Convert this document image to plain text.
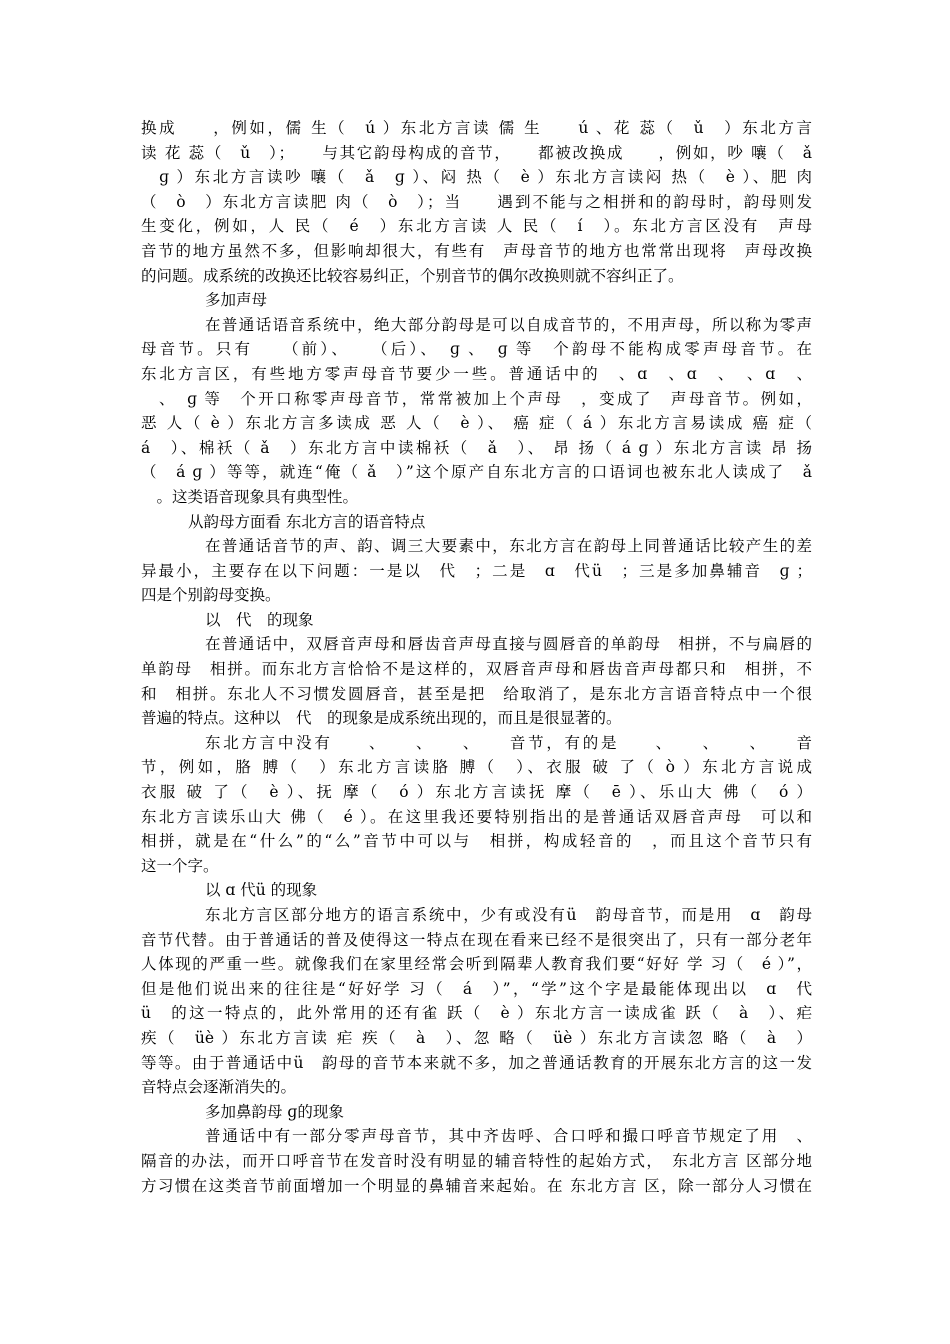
换成　　，例如，儒 生（　ú ）东北方言读 儒 生　　ú 、花 蕊（　ǔ　）东北方言
读 花 蕊（　ǔ　）；　　与其它韵母构成的音节，　　都被改换成　　，例如，吵 嚷（　ǎ
　ɡ ）东北方言读吵 嚷（　ǎ　ɡ ）、闷 热（　è ）东北方言读闷 热（　è ）、肥 肉
（　ò　）东北方言读肥 肉（　ò　）；当　　遇到不能与之相拼和的韵母时，韵母则发
生变化，例如，人 民（　é　）东北方言读 人 民（　í　）。东北方言区没有　声母
音节的地方虽然不多，但影响却很大，有些有　声母音节的地方也常常出现将　声母改换
的问题。成系统的改换还比较容易纠正，个别音节的偶尔改换则就不容纠正了。
多加声母
在普通话语音系统中，绝大部分韵母是可以自成音节的，不用声母，所以称为零声
母音节。只有　　（前）、　　（后）、　ɡ 、　ɡ 等　个韵母不能构成零声母音节。在
东北方言区，有些地方零声母音节要少一些。普通话中的　、ɑ　、ɑ　、　、ɑ　、
　、　ɡ 等　个开口称零声母音节，常常被加上个声母　，变成了　声母音节。例如，
恶 人（ è ）东北方言多读成 恶 人（　è ）、 癌 症（ á ）东北方言易读成 癌 症（
á　）、棉袄（ ǎ　）东北方言中读棉袄（　ǎ　）、 昂 扬（ á ɡ ）东北方言读 昂 扬
（　á ɡ ）等等，就连“俺（ ǎ　）”这个原产自东北方言的口语词也被东北人读成了　ǎ
　。这类语音现象具有典型性。
从韵母方面看 东北方言的语音特点
在普通话音节的声、韵、调三大要素中，东北方言在韵母上同普通话比较产生的差
异最小，主要存在以下问题：一是以　代　；二是　ɑ　代ü　；三是多加鼻辅音　ɡ ；
四是个别韵母变换。
以　代　的现象
在普通话中，双唇音声母和唇齿音声母直接与圆唇音的单韵母　相拼，不与扁唇的
单韵母　相拼。而东北方言恰恰不是这样的，双唇音声母和唇齿音声母都只和　相拼，不
和　相拼。东北人不习惯发圆唇音，甚至是把　给取消了，是东北方言语音特点中一个很
普遍的特点。这种以　代　的现象是成系统出现的，而且是很显著的。
东北方言中没有　　、　　、　　、　　音节，有的是　　、　　、　　、　　音
节，例如，胳 膊（　）东北方言读胳 膊（　）、衣服 破 了（ ò ）东北方言说成
衣服 破 了（　è ）、抚 摩（　ó ）东北方言读抚 摩（　ē ）、乐山大 佛（　ó ）
东北方言读乐山大 佛（　é ）。在这里我还要特别指出的是普通话双唇音声母　可以和
相拼，就是在“什么”的“么”音节中可以与　相拼，构成轻音的　，而且这个音节只有
这一个字。
以 ɑ 代ü 的现象
东北方言区部分地方的语言系统中，少有或没有ü　韵母音节，而是用　ɑ　韵母
音节代替。由于普通话的普及使得这一特点在现在看来已经不是很突出了，只有一部分老年
人体现的严重一些。就像我们在家里经常会听到隔辈人教育我们要“好好 学 习（　é ）”，
但是他们说出来的往往是“好好学 习（　á　）”，“学”这个字是最能体现出以　ɑ　代
ü　的这一特点的，此外常用的还有雀 跃（　è ）东北方言一读成雀 跃（　à　）、疟
疾（　üè ）东北方言读 疟 疾（　à　）、忽 略（　üè ）东北方言读忽 略（　à　）
等等。由于普通话中ü　韵母的音节本来就不多，加之普通话教育的开展东北方言的这一发
音特点会逐渐消失的。
多加鼻韵母 ɡ的现象
普通话中有一部分零声母音节，其中齐齿呼、合口呼和撮口呼音节规定了用　、
隔音的办法，而开口呼音节在发音时没有明显的辅音特性的起始方式，　东北方言 区部分地
方习惯在这类音节前面增加一个明显的鼻辅音来起始。在 东北方言 区，除一部分人习惯在
